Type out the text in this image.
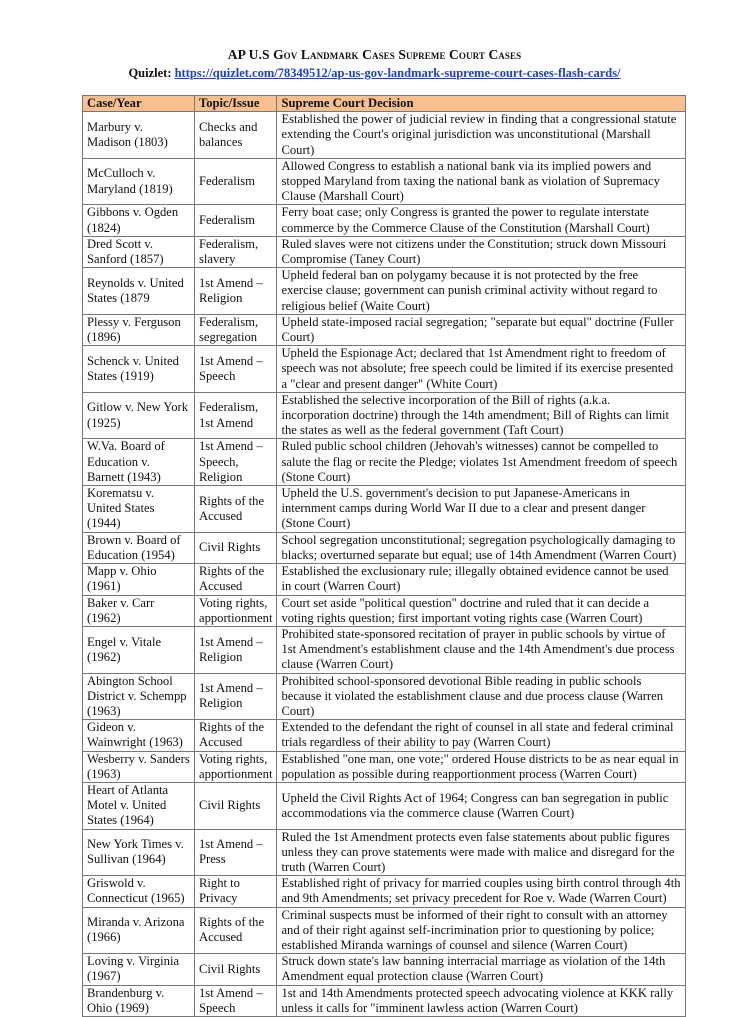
AP U.S Gov Landmark Cases Supreme Court Cases
Quizlet: https://quizlet.com/78349512/ap-us-gov-landmark-supreme-court-cases-flash-cards/
Case/Year	Topic/Issue	Supreme Court Decision
Marbury v. Madison (1803)	Checks and balances	Established the power of judicial review in finding that a congressional statute extending the Court's original jurisdiction was unconstitutional (Marshall Court)
McCulloch v. Maryland (1819)	Federalism	Allowed Congress to establish a national bank via its implied powers and stopped Maryland from taxing the national bank as violation of Supremacy Clause (Marshall Court)
Gibbons v. Ogden (1824)	Federalism	Ferry boat case; only Congress is granted the power to regulate interstate commerce by the Commerce Clause of the Constitution (Marshall Court)
Dred Scott v. Sanford (1857)	Federalism, slavery	Ruled slaves were not citizens under the Constitution; struck down Missouri Compromise (Taney Court)
Reynolds v. United States (1879	1st Amend – Religion	Upheld federal ban on polygamy because it is not protected by the free exercise clause; government can punish criminal activity without regard to religious belief (Waite Court)
Plessy v. Ferguson (1896)	Federalism, segregation	Upheld state-imposed racial segregation; "separate but equal" doctrine (Fuller Court)
Schenck v. United States (1919)	1st Amend – Speech	Upheld the Espionage Act; declared that 1st Amendment right to freedom of speech was not absolute; free speech could be limited if its exercise presented a "clear and present danger" (White Court)
Gitlow v. New York (1925)	Federalism, 1st Amend	Established the selective incorporation of the Bill of rights (a.k.a. incorporation doctrine) through the 14th amendment; Bill of Rights can limit the states as well as the federal government (Taft Court)
W.Va. Board of Education v. Barnett (1943)	1st Amend – Speech, Religion	Ruled public school children (Jehovah's witnesses) cannot be compelled to salute the flag or recite the Pledge; violates 1st Amendment freedom of speech (Stone Court)
Korematsu v. United States (1944)	Rights of the Accused	Upheld the U.S. government's decision to put Japanese-Americans in internment camps during World War II due to a clear and present danger (Stone Court)
Brown v. Board of Education (1954)	Civil Rights	School segregation unconstitutional; segregation psychologically damaging to blacks; overturned separate but equal; use of 14th Amendment (Warren Court)
Mapp v. Ohio (1961)	Rights of the Accused	Established the exclusionary rule; illegally obtained evidence cannot be used in court (Warren Court)
Baker v. Carr (1962)	Voting rights, apportionment	Court set aside "political question" doctrine and ruled that it can decide a voting rights question; first important voting rights case (Warren Court)
Engel v. Vitale (1962)	1st Amend – Religion	Prohibited state-sponsored recitation of prayer in public schools by virtue of 1st Amendment's establishment clause and the 14th Amendment's due process clause (Warren Court)
Abington School District v. Schempp (1963)	1st Amend – Religion	Prohibited school-sponsored devotional Bible reading in public schools because it violated the establishment clause and due process clause (Warren Court)
Gideon v. Wainwright (1963)	Rights of the Accused	Extended to the defendant the right of counsel in all state and federal criminal trials regardless of their ability to pay (Warren Court)
Wesberry v. Sanders (1963)	Voting rights, apportionment	Established "one man, one vote;" ordered House districts to be as near equal in population as possible during reapportionment process (Warren Court)
Heart of Atlanta Motel v. United States (1964)	Civil Rights	Upheld the Civil Rights Act of 1964; Congress can ban segregation in public accommodations via the commerce clause (Warren Court)
New York Times v. Sullivan (1964)	1st Amend – Press	Ruled the 1st Amendment protects even false statements about public figures unless they can prove statements were made with malice and disregard for the truth (Warren Court)
Griswold v. Connecticut (1965)	Right to Privacy	Established right of privacy for married couples using birth control through 4th and 9th Amendments; set privacy precedent for Roe v. Wade (Warren Court)
Miranda v. Arizona (1966)	Rights of the Accused	Criminal suspects must be informed of their right to consult with an attorney and of their right against self-incrimination prior to questioning by police; established Miranda warnings of counsel and silence (Warren Court)
Loving v. Virginia (1967)	Civil Rights	Struck down state's law banning interracial marriage as violation of the 14th Amendment equal protection clause (Warren Court)
Brandenburg v. Ohio (1969)	1st Amend – Speech	1st and 14th Amendments protected speech advocating violence at KKK rally unless it calls for "imminent lawless action (Warren Court)
